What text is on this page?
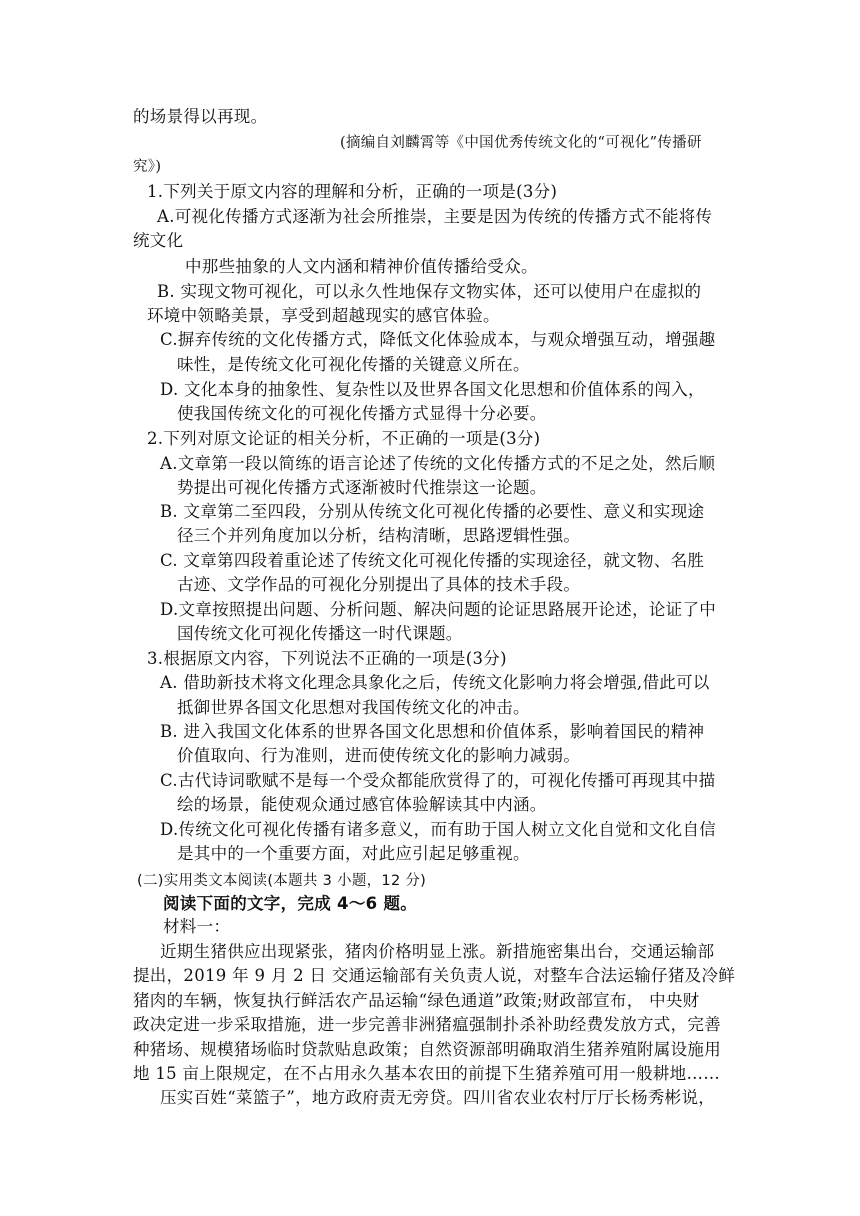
的场景得以再现。
(摘编自刘麟霄等《中国优秀传统文化的“可视化”传播研
究》)
1.下列关于原文内容的理解和分析，正确的一项是(3分)
A.可视化传播方式逐渐为社会所推崇，主要是因为传统的传播方式不能将传
统文化
中那些抽象的人文内涵和精神价值传播给受众。
B. 实现文物可视化，可以永久性地保存文物实体，还可以使用户在虚拟的
环境中领略美景，享受到超越现实的感官体验。
C.摒弃传统的文化传播方式，降低文化体验成本，与观众增强互动，增强趣
味性，是传统文化可视化传播的关键意义所在。
D. 文化本身的抽象性、复杂性以及世界各国文化思想和价值体系的闯入，
使我国传统文化的可视化传播方式显得十分必要。
2.下列对原文论证的相关分析，不正确的一项是(3分)
A.文章第一段以简练的语言论述了传统的文化传播方式的不足之处，然后顺
势提出可视化传播方式逐渐被时代推崇这一论题。
B. 文章第二至四段，分别从传统文化可视化传播的必要性、意义和实现途
径三个并列角度加以分析，结构清晰，思路逻辑性强。
C. 文章第四段着重论述了传统文化可视化传播的实现途径，就文物、名胜
古迹、文学作品的可视化分别提出了具体的技术手段。
D.文章按照提出问题、分析问题、解决问题的论证思路展开论述，论证了中
国传统文化可视化传播这一时代课题。
3.根据原文内容，下列说法不正确的一项是(3分)
A. 借助新技术将文化理念具象化之后，传统文化影响力将会增强,借此可以
抵御世界各国文化思想对我国传统文化的冲击。
B. 进入我国文化体系的世界各国文化思想和价值体系，影响着国民的精神
价值取向、行为准则，进而使传统文化的影响力减弱。
C.古代诗词歌赋不是每一个受众都能欣赏得了的，可视化传播可再现其中描
绘的场景，能使观众通过感官体验解读其中内涵。
D.传统文化可视化传播有诸多意义，而有助于国人树立文化自觉和文化自信
是其中的一个重要方面，对此应引起足够重视。
(二)实用类文本阅读(本题共 3 小题，12 分)
阅读下面的文字，完成 4～6 题。
材料一：
近期生猪供应出现紧张，猪肉价格明显上涨。新措施密集出台，交通运输部
提出，2019 年 9 月 2 日 交通运输部有关负责人说，对整车合法运输仔猪及冷鲜
猪肉的车辆，恢复执行鲜活农产品运输“绿色通道”政策;财政部宣布， 中央财
政决定进一步采取措施，进一步完善非洲猪瘟强制扑杀补助经费发放方式，完善
种猪场、规模猪场临时贷款贴息政策；自然资源部明确取消生猪养殖附属设施用
地 15 亩上限规定，在不占用永久基本农田的前提下生猪养殖可用一般耕地……
压实百姓“菜篮子”，地方政府责无旁贷。四川省农业农村厅厅长杨秀彬说，
